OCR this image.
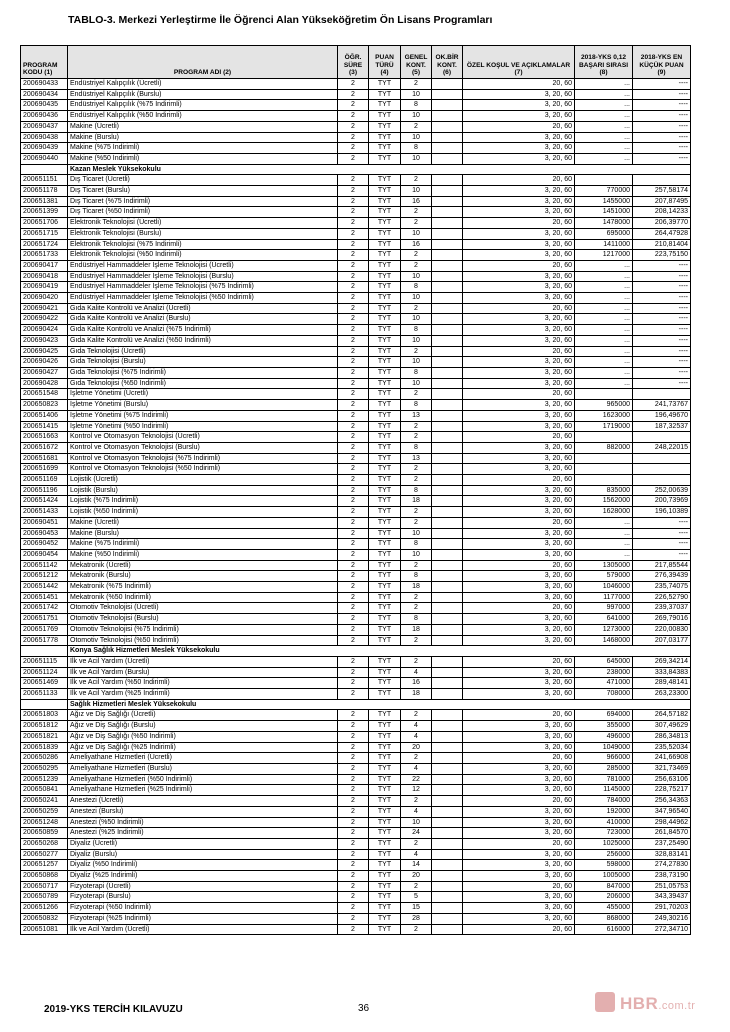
TABLO-3. Merkezi Yerleştirme İle Öğrenci Alan Yükseköğretim Ön Lisans Programları
PROGRAM KODU (1)	PROGRAM ADI (2)	ÖĞR. SÜRE (3)	PUAN TÜRÜ (4)	GENEL KONT. (5)	OK.BİR KONT. (6)	ÖZEL KOŞUL VE AÇIKLAMALAR (7)	2018-YKS 0,12 BAŞARI SIRASI (8)	2018-YKS EN KÜÇÜK PUAN (9)
200690433	Endüstriyel Kalıpçılık (Ücretli)	2	TYT	2		20, 60	...	----
200690434	Endüstriyel Kalıpçılık (Burslu)	2	TYT	10		3, 20, 60	...	----
200690435	Endüstriyel Kalıpçılık (%75 İndirimli)	2	TYT	8		3, 20, 60	...	----
200690436	Endüstriyel Kalıpçılık (%50 İndirimli)	2	TYT	10		3, 20, 60	...	----
200690437	Makine (Ücretli)	2	TYT	2		20, 60	...	----
200690438	Makine (Burslu)	2	TYT	10		3, 20, 60	...	----
200690439	Makine (%75 İndirimli)	2	TYT	8		3, 20, 60	...	----
200690440	Makine (%50 İndirimli)	2	TYT	10		3, 20, 60	...	----
	Kazan Meslek Yüksekokulu							
200651151	Dış Ticaret (Ücretli)	2	TYT	2		20, 60		
200651178	Dış Ticaret (Burslu)	2	TYT	10		3, 20, 60	770000	257,58174
200651381	Dış Ticaret (%75 İndirimli)	2	TYT	16		3, 20, 60	1455000	207,87495
200651399	Dış Ticaret (%50 İndirimli)	2	TYT	2		3, 20, 60	1451000	208,14233
200651706	Elektronik Teknolojisi (Ücretli)	2	TYT	2		20, 60	1478000	206,39770
200651715	Elektronik Teknolojisi (Burslu)	2	TYT	10		3, 20, 60	695000	264,47928
200651724	Elektronik Teknolojisi (%75 İndirimli)	2	TYT	16		3, 20, 60	1411000	210,81404
200651733	Elektronik Teknolojisi (%50 İndirimli)	2	TYT	2		3, 20, 60	1217000	223,75150
200690417	Endüstriyel Hammaddeler İşleme Teknolojisi (Ücretli)	2	TYT	2		20, 60	...	----
200690418	Endüstriyel Hammaddeler İşleme Teknolojisi (Burslu)	2	TYT	10		3, 20, 60	...	----
200690419	Endüstriyel Hammaddeler İşleme Teknolojisi (%75 İndirimli)	2	TYT	8		3, 20, 60	...	----
200690420	Endüstriyel Hammaddeler İşleme Teknolojisi (%50 İndirimli)	2	TYT	10		3, 20, 60	...	----
200690421	Gıda Kalite Kontrolü ve Analizi (Ücretli)	2	TYT	2		20, 60	...	----
200690422	Gıda Kalite Kontrolü ve Analizi (Burslu)	2	TYT	10		3, 20, 60	...	----
200690424	Gıda Kalite Kontrolü ve Analizi (%75 İndirimli)	2	TYT	8		3, 20, 60	...	----
200690423	Gıda Kalite Kontrolü ve Analizi (%50 İndirimli)	2	TYT	10		3, 20, 60	...	----
200690425	Gıda Teknolojisi (Ücretli)	2	TYT	2		20, 60	...	----
200690426	Gıda Teknolojisi (Burslu)	2	TYT	10		3, 20, 60	...	----
200690427	Gıda Teknolojisi (%75 İndirimli)	2	TYT	8		3, 20, 60	...	----
200690428	Gıda Teknolojisi (%50 İndirimli)	2	TYT	10		3, 20, 60	...	----
200651548	İşletme Yönetimi (Ücretli)	2	TYT	2		20, 60		
200650823	İşletme Yönetimi (Burslu)	2	TYT	8		3, 20, 60	965000	241,73767
200651406	İşletme Yönetimi (%75 İndirimli)	2	TYT	13		3, 20, 60	1623000	196,49670
200651415	İşletme Yönetimi (%50 İndirimli)	2	TYT	2		3, 20, 60	1719000	187,32537
200651663	Kontrol ve Otomasyon Teknolojisi (Ücretli)	2	TYT	2		20, 60		
200651672	Kontrol ve Otomasyon Teknolojisi (Burslu)	2	TYT	8		3, 20, 60	882000	248,22015
200651681	Kontrol ve Otomasyon Teknolojisi (%75 İndirimli)	2	TYT	13		3, 20, 60		
200651699	Kontrol ve Otomasyon Teknolojisi (%50 İndirimli)	2	TYT	2		3, 20, 60		
200651169	Lojistik (Ücretli)	2	TYT	2		20, 60		
200651196	Lojistik (Burslu)	2	TYT	8		3, 20, 60	835000	252,00639
200651424	Lojistik (%75 İndirimli)	2	TYT	18		3, 20, 60	1562000	200,73969
200651433	Lojistik (%50 İndirimli)	2	TYT	2		3, 20, 60	1628000	196,10389
200690451	Makine (Ücretli)	2	TYT	2		20, 60	...	----
200690453	Makine (Burslu)	2	TYT	10		3, 20, 60	...	----
200690452	Makine (%75 İndirimli)	2	TYT	8		3, 20, 60	...	----
200690454	Makine (%50 İndirimli)	2	TYT	10		3, 20, 60	...	----
200651142	Mekatronik (Ücretli)	2	TYT	2		20, 60	1305000	217,85544
200651212	Mekatronik (Burslu)	2	TYT	8		3, 20, 60	579000	276,39439
200651442	Mekatronik (%75 İndirimli)	2	TYT	18		3, 20, 60	1046000	235,74075
200651451	Mekatronik (%50 İndirimli)	2	TYT	2		3, 20, 60	1177000	226,52790
200651742	Otomotiv Teknolojisi (Ücretli)	2	TYT	2		20, 60	997000	239,37037
200651751	Otomotiv Teknolojisi (Burslu)	2	TYT	8		3, 20, 60	641000	269,79016
200651769	Otomotiv Teknolojisi (%75 İndirimli)	2	TYT	18		3, 20, 60	1273000	220,00830
200651778	Otomotiv Teknolojisi (%50 İndirimli)	2	TYT	2		3, 20, 60	1468000	207,03177
	Konya Sağlık Hizmetleri Meslek Yüksekokulu							
200651115	İlk ve Acil Yardım (Ücretli)	2	TYT	2		20, 60	645000	269,34214
200651124	İlk ve Acil Yardım (Burslu)	2	TYT	4		3, 20, 60	238000	333,84383
200651469	İlk ve Acil Yardım (%50 İndirimli)	2	TYT	16		3, 20, 60	471000	289,48141
200651133	İlk ve Acil Yardım (%25 İndirimli)	2	TYT	18		3, 20, 60	708000	263,23300
	Sağlık Hizmetleri Meslek Yüksekokulu							
200651803	Ağız ve Diş Sağlığı (Ücretli)	2	TYT	2		20, 60	694000	264,57182
200651812	Ağız ve Diş Sağlığı (Burslu)	2	TYT	4		3, 20, 60	355000	307,49629
200651821	Ağız ve Diş Sağlığı (%50 İndirimli)	2	TYT	4		3, 20, 60	496000	286,34813
200651839	Ağız ve Diş Sağlığı (%25 İndirimli)	2	TYT	20		3, 20, 60	1049000	235,52034
200650286	Ameliyathane Hizmetleri (Ücretli)	2	TYT	2		20, 60	966000	241,66908
200650295	Ameliyathane Hizmetleri (Burslu)	2	TYT	4		3, 20, 60	285000	321,73469
200651239	Ameliyathane Hizmetleri (%50 İndirimli)	2	TYT	22		3, 20, 60	781000	256,63106
200650841	Ameliyathane Hizmetleri (%25 İndirimli)	2	TYT	12		3, 20, 60	1145000	228,75217
200650241	Anestezi (Ücretli)	2	TYT	2		20, 60	784000	256,34363
200650259	Anestezi (Burslu)	2	TYT	4		3, 20, 60	192000	347,96540
200651248	Anestezi (%50 İndirimli)	2	TYT	10		3, 20, 60	410000	298,44962
200650859	Anestezi (%25 İndirimli)	2	TYT	24		3, 20, 60	723000	261,84570
200650268	Diyaliz (Ücretli)	2	TYT	2		20, 60	1025000	237,25490
200650277	Diyaliz (Burslu)	2	TYT	4		3, 20, 60	256000	328,83141
200651257	Diyaliz (%50 İndirimli)	2	TYT	14		3, 20, 60	598000	274,27830
200650868	Diyaliz (%25 İndirimli)	2	TYT	20		3, 20, 60	1005000	238,73190
200650717	Fizyoterapi (Ücretli)	2	TYT	2		20, 60	847000	251,05753
200650789	Fizyoterapi (Burslu)	2	TYT	5		3, 20, 60	206000	343,39437
200651266	Fizyoterapi (%50 İndirimli)	2	TYT	15		3, 20, 60	455000	291,70203
200650832	Fizyoterapi (%25 İndirimli)	2	TYT	28		3, 20, 60	868000	249,30216
200651081	İlk ve Acil Yardım (Ücretli)	2	TYT	2		20, 60	616000	272,34710
2019-YKS TERCİH KILAVUZU	36	HBR.com.tr
